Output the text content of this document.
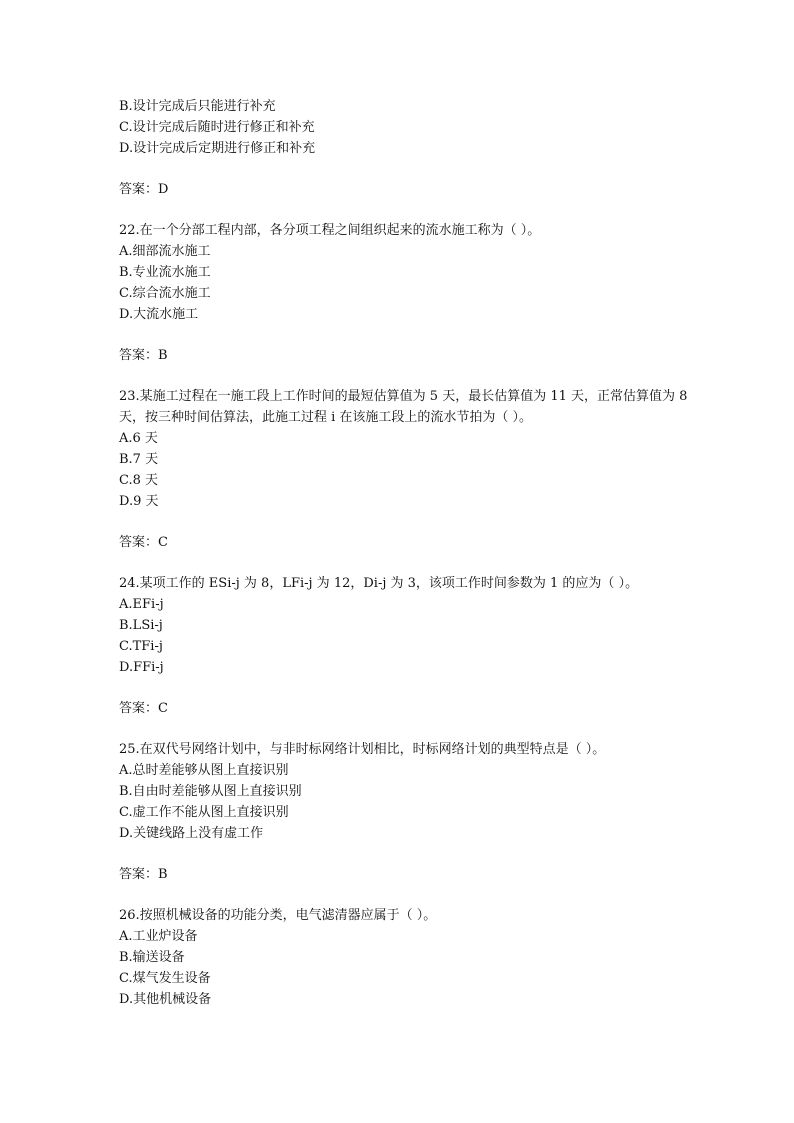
B.设计完成后只能进行补充
C.设计完成后随时进行修正和补充
D.设计完成后定期进行修正和补充
答案：D
22.在一个分部工程内部，各分项工程之间组织起来的流水施工称为（ ）。
A.细部流水施工
B.专业流水施工
C.综合流水施工
D.大流水施工
答案：B
23.某施工过程在一施工段上工作时间的最短估算值为 5 天，最长估算值为 11 天，正常估算值为 8 天，按三种时间估算法，此施工过程 i 在该施工段上的流水节拍为（ ）。
A.6 天
B.7 天
C.8 天
D.9 天
答案：C
24.某项工作的 ESi-j 为 8，LFi-j 为 12，Di-j 为 3，该项工作时间参数为 1 的应为（ ）。
A.EFi-j
B.LSi-j
C.TFi-j
D.FFi-j
答案：C
25.在双代号网络计划中，与非时标网络计划相比，时标网络计划的典型特点是（ ）。
A.总时差能够从图上直接识别
B.自由时差能够从图上直接识别
C.虚工作不能从图上直接识别
D.关键线路上没有虚工作
答案：B
26.按照机械设备的功能分类，电气滤清器应属于（ ）。
A.工业炉设备
B.输送设备
C.煤气发生设备
D.其他机械设备
